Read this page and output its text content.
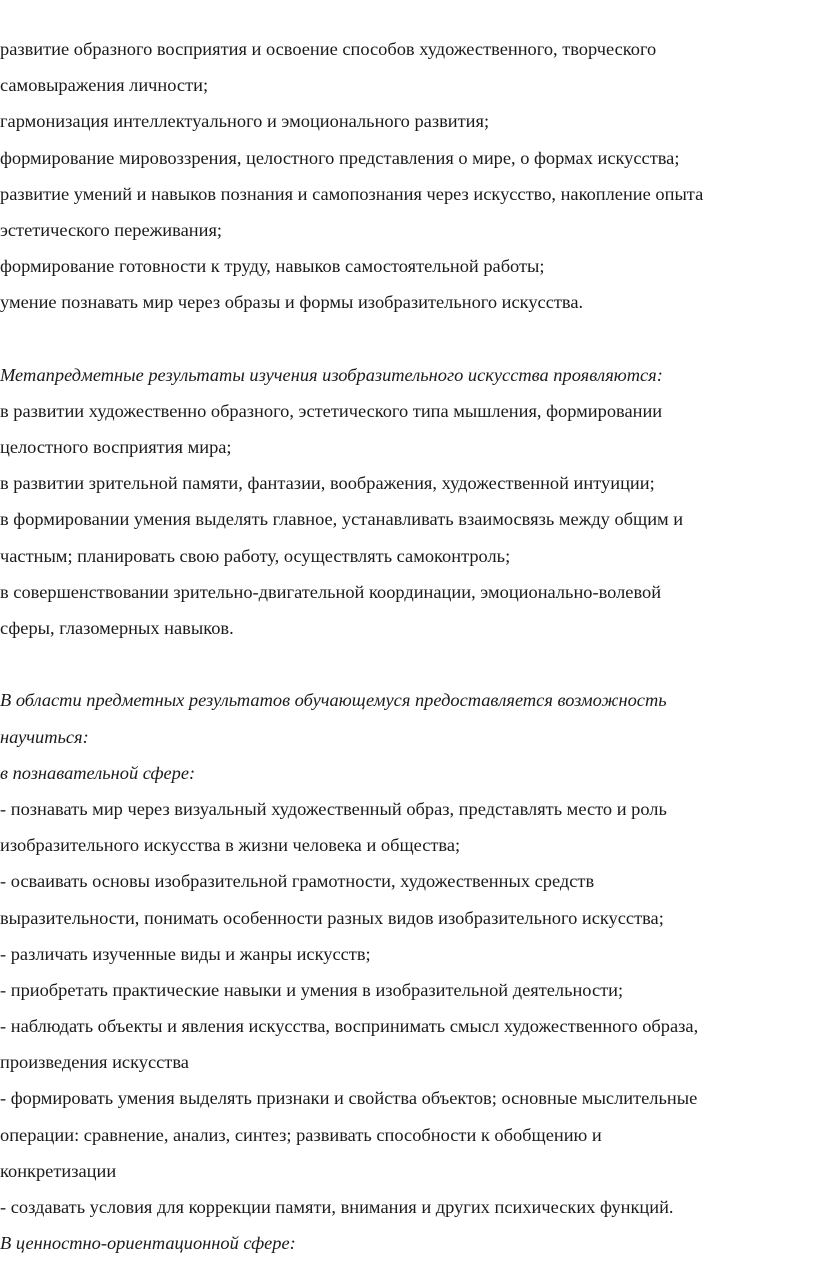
развитие образного восприятия и освоение способов художественного, творческого
самовыражения личности;
гармонизация интеллектуального и эмоционального развития;
формирование мировоззрения, целостного представления о мире, о формах искусства;
развитие умений и навыков познания и самопознания через искусство, накопление опыта
эстетического переживания;
формирование готовности к труду, навыков самостоятельной работы;
умение познавать мир через образы и формы изобразительного искусства.
Метапредметные результаты изучения изобразительного искусства проявляются:
в развитии художественно образного, эстетического типа мышления, формировании
целостного восприятия мира;
в развитии зрительной памяти, фантазии, воображения, художественной интуиции;
в формировании умения выделять главное, устанавливать взаимосвязь между общим и
частным; планировать свою работу, осуществлять самоконтроль;
в совершенствовании зрительно-двигательной координации, эмоционально-волевой
сферы, глазомерных навыков.
В области предметных результатов обучающемуся предоставляется возможность
научиться:
в познавательной сфере:
- познавать мир через визуальный художественный образ, представлять место и роль
изобразительного искусства в жизни человека и общества;
- осваивать основы изобразительной грамотности, художественных средств
выразительности, понимать особенности разных видов изобразительного искусства;
- различать изученные виды и жанры искусств;
- приобретать практические навыки и умения в изобразительной деятельности;
- наблюдать объекты и явления искусства, воспринимать смысл художественного образа,
произведения искусства
- формировать умения выделять признаки и свойства объектов; основные мыслительные
операции: сравнение, анализ, синтез; развивать способности к обобщению и
конкретизации
- создавать условия для коррекции памяти, внимания и других психических функций.
В ценностно-ориентационной сфере:
